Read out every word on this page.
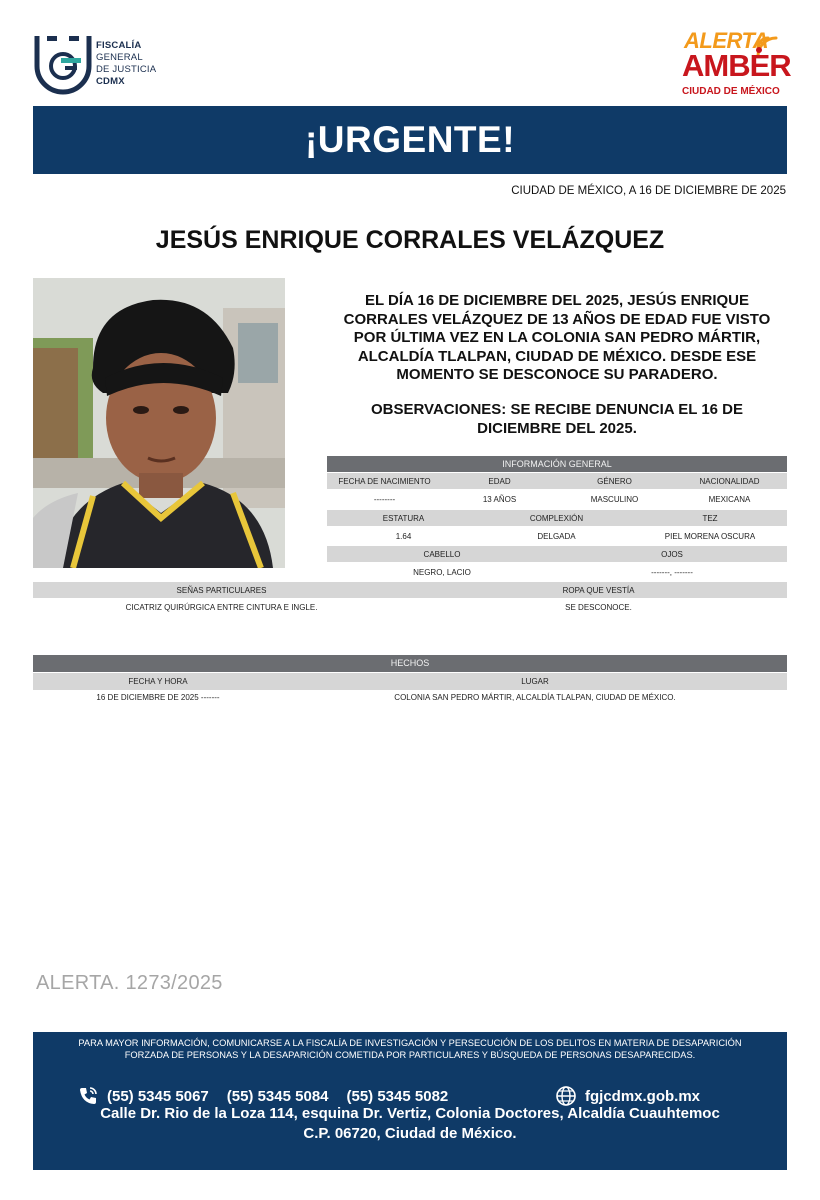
FISCALÍA
GENERAL
DE JUSTICIA
CDMX
ALERTA
AMBER
CIUDAD DE MÉXICO
¡URGENTE!
CIUDAD DE MÉXICO, A 16 DE DICIEMBRE DE 2025
JESÚS ENRIQUE CORRALES VELÁZQUEZ
EL DÍA 16 DE DICIEMBRE DEL 2025, JESÚS ENRIQUE CORRALES VELÁZQUEZ DE 13 AÑOS DE EDAD FUE VISTO POR ÚLTIMA VEZ EN LA COLONIA SAN PEDRO MÁRTIR, ALCALDÍA TLALPAN, CIUDAD DE MÉXICO. DESDE ESE MOMENTO SE DESCONOCE SU PARADERO.
OBSERVACIONES: SE RECIBE DENUNCIA EL 16 DE DICIEMBRE DEL 2025.
INFORMACIÓN GENERAL
FECHA DE NACIMIENTO	EDAD	GÉNERO	NACIONALIDAD
--------	13 AÑOS	MASCULINO	MEXICANA
ESTATURA	COMPLEXIÓN	TEZ
1.64	DELGADA	PIEL MORENA OSCURA
CABELLO	OJOS
NEGRO, LACIO	-------, -------
SEÑAS PARTICULARES	ROPA QUE VESTÍA
CICATRIZ QUIRÚRGICA ENTRE CINTURA E INGLE.	SE DESCONOCE.
HECHOS
FECHA Y HORA	LUGAR
16 DE DICIEMBRE DE 2025 -------	COLONIA SAN PEDRO MÁRTIR, ALCALDÍA TLALPAN, CIUDAD DE MÉXICO.
ALERTA. 1273/2025
PARA MAYOR INFORMACIÓN, COMUNICARSE A LA FISCALÍA DE INVESTIGACIÓN Y PERSECUCIÓN DE LOS DELITOS EN MATERIA DE DESAPARICIÓN
FORZADA DE PERSONAS Y LA DESAPARICIÓN COMETIDA POR PARTICULARES Y BÚSQUEDA DE PERSONAS DESAPARECIDAS.
(55) 5345 5067 (55) 5345 5084 (55) 5345 5082	fgjcdmx.gob.mx
Calle Dr. Rio de la Loza 114, esquina Dr. Vertiz, Colonia Doctores, Alcaldía Cuauhtemoc
C.P. 06720, Ciudad de México.
